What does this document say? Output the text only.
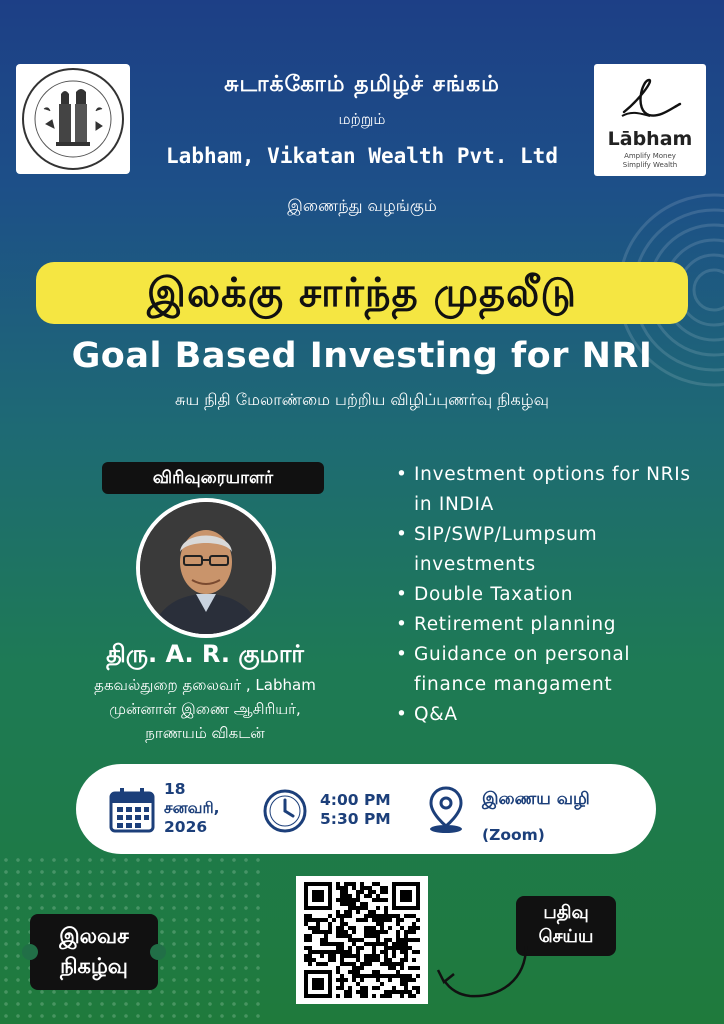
சுடாக்கோம் தமிழ்ச் சங்கம்
மற்றும்
Labham, Vikatan Wealth Pvt. Ltd
இணைந்து வழங்கும்
Lābham
Amplify Money
Simplify Wealth
இலக்கு சார்ந்த முதலீடு
Goal Based Investing for NRI
சுய நிதி மேலாண்மை பற்றிய விழிப்புணர்வு நிகழ்வு
விரிவுரையாளர்
திரு. A. R. குமார்
தகவல்துறை தலைவர் , Labham
முன்னாள் இணை ஆசிரியர்,
நாணயம் விகடன்
• Investment options for NRIs in INDIA
• SIP/SWP/Lumpsum investments
• Double Taxation
• Retirement planning
• Guidance on personal finance mangament
• Q&A
18
சனவரி,
2026
4:00 PM
5:30 PM
இணைய வழி
(Zoom)
இலவச
நிகழ்வு
பதிவு
செய்ய
